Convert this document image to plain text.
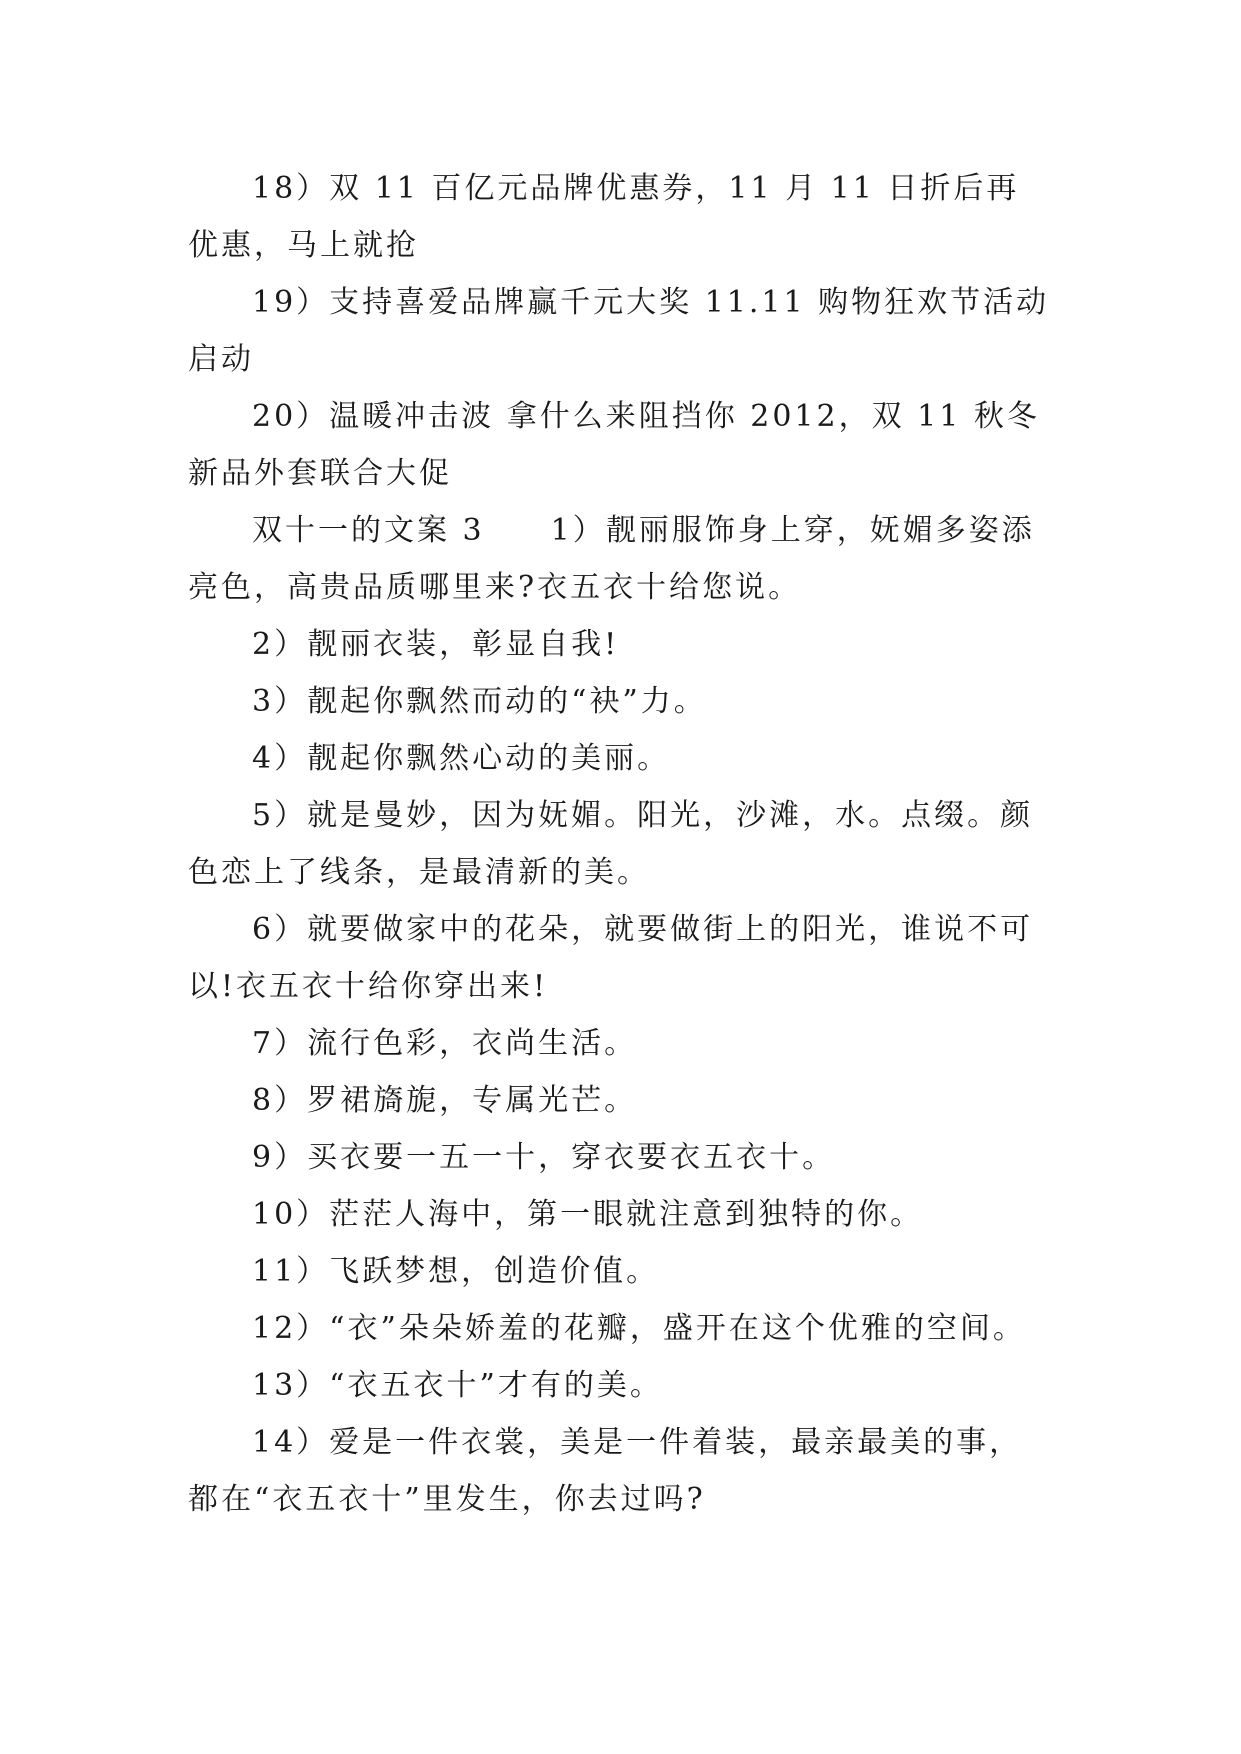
18）双 11 百亿元品牌优惠券，11 月 11 日折后再优惠，马上就抢

19）支持喜爱品牌赢千元大奖 11.11 购物狂欢节活动启动

20）温暖冲击波 拿什么来阻挡你 2012，双 11 秋冬新品外套联合大促

双十一的文案 3　　1）靓丽服饰身上穿，妩媚多姿添亮色，高贵品质哪里来?衣五衣十给您说。

2）靓丽衣装，彰显自我!

3）靓起你飘然而动的“袂”力。

4）靓起你飘然心动的美丽。

5）就是曼妙，因为妩媚。阳光，沙滩，水。点缀。颜色恋上了线条，是最清新的美。

6）就要做家中的花朵，就要做街上的阳光，谁说不可以!衣五衣十给你穿出来!

7）流行色彩，衣尚生活。

8）罗裙旖旎，专属光芒。

9）买衣要一五一十，穿衣要衣五衣十。

10）茫茫人海中，第一眼就注意到独特的你。

11）飞跃梦想，创造价值。

12）“衣”朵朵娇羞的花瓣，盛开在这个优雅的空间。

13）“衣五衣十”才有的美。

14）爱是一件衣裳，美是一件着装，最亲最美的事，都在“衣五衣十”里发生，你去过吗?
